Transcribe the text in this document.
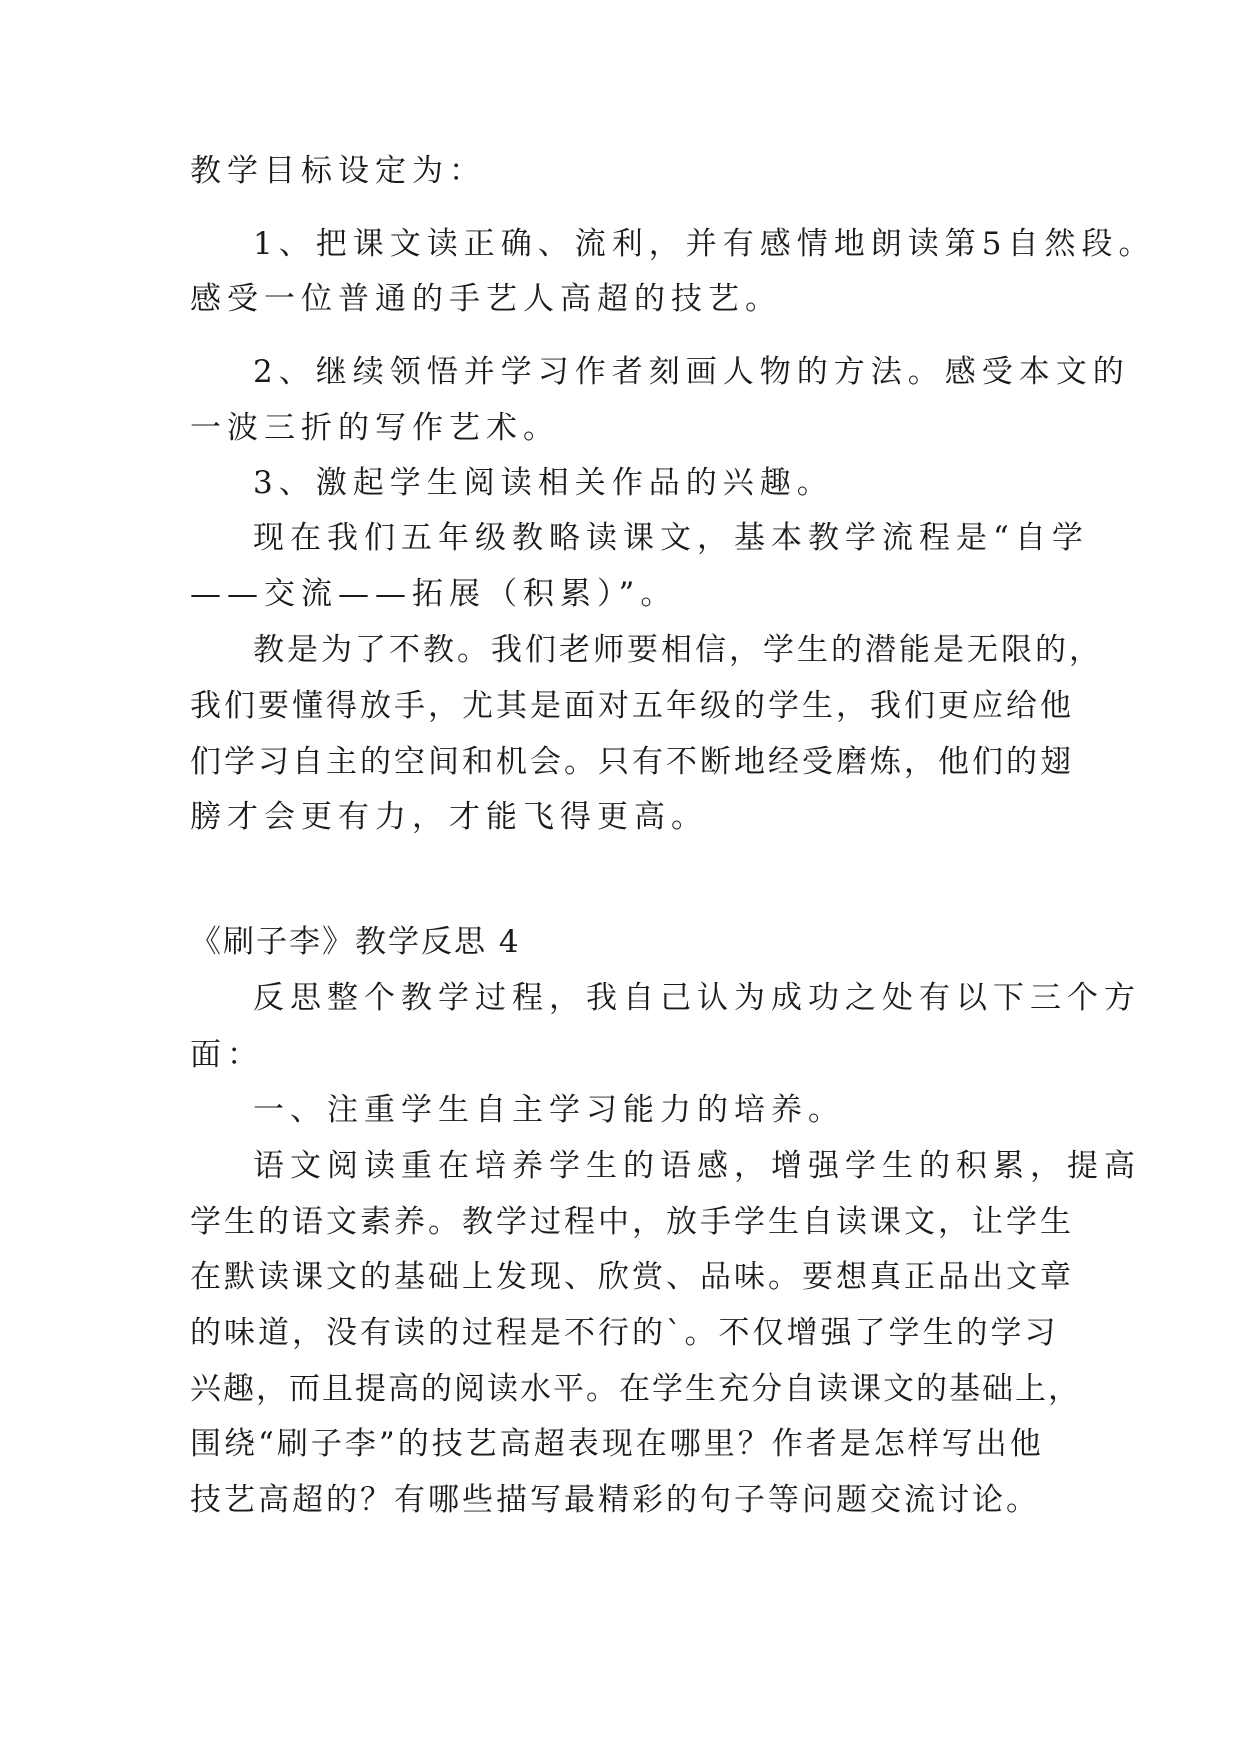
教学目标设定为：
1、把课文读正确、流利，并有感情地朗读第5自然段。
感受一位普通的手艺人高超的技艺。
2、继续领悟并学习作者刻画人物的方法。感受本文的
一波三折的写作艺术。
3、激起学生阅读相关作品的兴趣。
现在我们五年级教略读课文，基本教学流程是“自学
——交流——拓展（积累）”。
教是为了不教。我们老师要相信，学生的潜能是无限的，
我们要懂得放手，尤其是面对五年级的学生，我们更应给他
们学习自主的空间和机会。只有不断地经受磨炼，他们的翅
膀才会更有力，才能飞得更高。
《刷子李》教学反思 4
反思整个教学过程，我自己认为成功之处有以下三个方
面：
一、注重学生自主学习能力的培养。
语文阅读重在培养学生的语感，增强学生的积累，提高
学生的语文素养。教学过程中，放手学生自读课文，让学生
在默读课文的基础上发现、欣赏、品味。要想真正品出文章
的味道，没有读的过程是不行的`。不仅增强了学生的学习
兴趣，而且提高的阅读水平。在学生充分自读课文的基础上，
围绕“刷子李”的技艺高超表现在哪里？作者是怎样写出他
技艺高超的？有哪些描写最精彩的句子等问题交流讨论。
